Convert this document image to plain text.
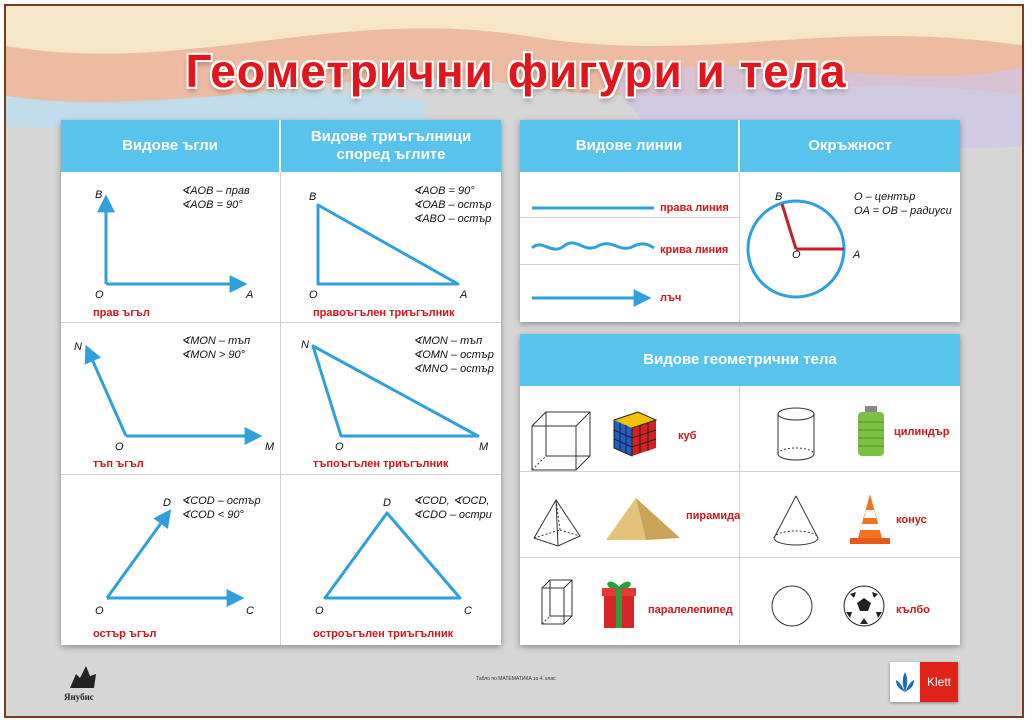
Геометрични фигури и тела
Видове ъгли
Видове триъгълници според ъглите
B
O	A
B
O	A
N
O	M
N
O	M
D
O	C
D
O	C
∢AOB – прав
∢AOB = 90°
∢AOB = 90°
∢OAB – остър
∢ABO – остър
∢MON – тъп
∢MON > 90°
∢MON – тъп
∢OMN – остър
∢MNO – остър
∢COD – остър
∢COD < 90°
∢COD, ∢OCD,
∢CDO – остри
прав ъгъл	правоъгълен триъгълник
тъп ъгъл	тъпоъгълен триъгълник
остър ъгъл	остроъгълен триъгълник
Видове линии	Окръжност
B
O	A
права линия
крива линия
лъч
O – център
OA = OB – радиуси
Видове геометрични тела
куб	цилиндър
пирамида	конус
паралелепипед	кълбо
Янубис
Табло по МАТЕМАТИКА за 4. клас	Klett
